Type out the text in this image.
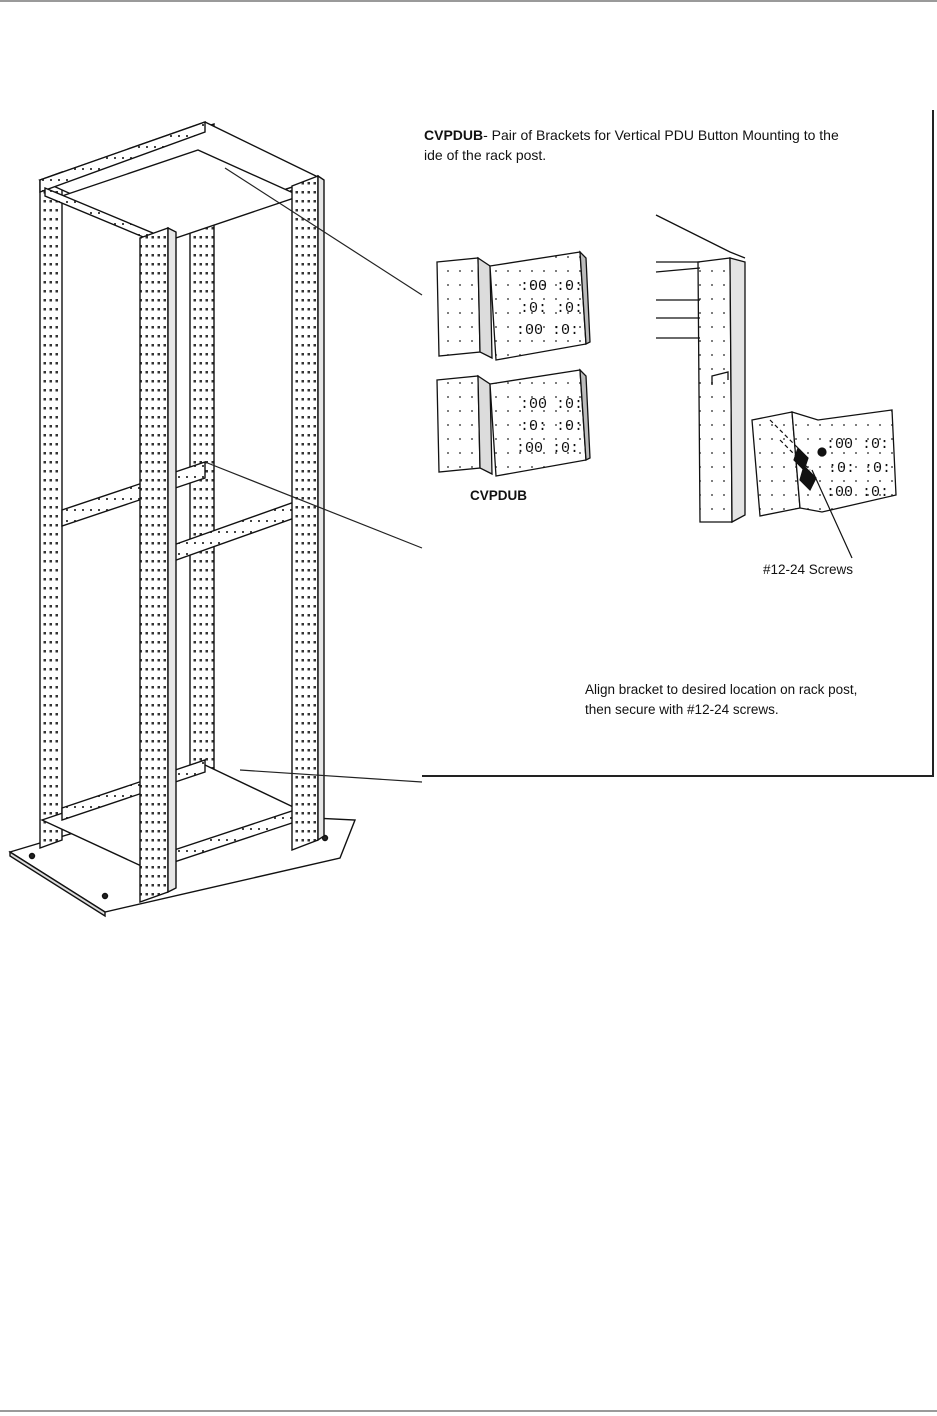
:00 :0:
:0: :0:
:00 :0:
:00 :0:
:0: :0:
:00 :0:	:00 :0:
:0: :0:
:00 :0:
CVPDUB- Pair of Brackets for Vertical PDU Button Mounting to the
ide of the rack post.
CVPDUB
#12-24 Screws
Align bracket to desired location on rack post,
then secure with #12-24 screws.
